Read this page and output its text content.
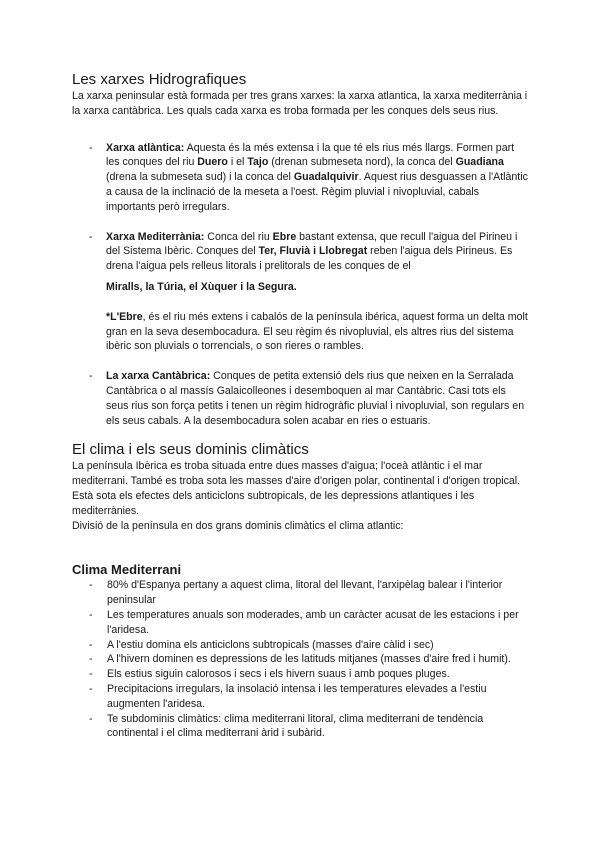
Les xarxes Hidrografiques

La xarxa peninsular està formada per tres grans xarxes: la xarxa atlantica, la xarxa mediterrània i la xarxa cantàbrica. Les quals cada xarxa es troba formada per les conques dels seus rius.

- Xarxa atlàntica: Aquesta és la més extensa i la que té els rius més llargs. Formen part les conques del riu Duero i el Tajo (drenan submeseta nord), la conca del Guadiana (drena la submeseta sud) i la conca del Guadalquivir. Aquest rius desguassen a l'Atlàntic a causa de la inclinació de la meseta a l'oest. Règim pluvial i nivopluvial, cabals importants però irregulars.
- Xarxa Mediterrània: Conca del riu Ebre bastant extensa, que recull l'aigua del Pirineu i del Sistema Ibèric. Conques del Ter, Fluvià i Llobregat reben l'aigua dels Pirineus. Es drena l'aigua pels relleus litorals i prelitorals de les conques de el
Miralls, la Túria, el Xùquer i la Segura.
*L'Ebre, és el riu més extens i cabalós de la península ibérica, aquest forma un delta molt gran en la seva desembocadura. El seu règim és nivopluvial, els altres rius del sistema ibèric son pluvials o torrencials, o son rieres o rambles.
- La xarxa Cantàbrica: Conques de petita extensió dels rius que neixen en la Serralada Cantàbrica o al massís Galaicolleones i desemboquen al mar Cantàbric. Casi tots els seus rius son força petits i tenen un règim hidrogràfic pluvial i nivopluvial, son regulars en els seus cabals. A la desembocadura solen acabar en ries o estuaris.
El clima i els seus dominis climàtics

La península Ibèrica es troba situada entre dues masses d'aigua; l'oceà atlàntic i el mar mediterrani. També es troba sota les masses d'aire d'origen polar, continental i d'origen tropical. Està sota els efectes dels anticiclons subtropicals, de les depressions atlantiques i les mediterrànies.

Divisió de la península en dos grans dominis climàtics el clima atlantic:

Clima Mediterrani
- 80% d'Espanya pertany a aquest clima, litoral del llevant, l'arxipèlag balear i l'interior peninsular
- Les temperatures anuals son moderades, amb un caràcter acusat de les estacions i per l'aridesa.
- A l'estiu domina els anticiclons subtropicals (masses d'aire càlid i sec)
- A l'hivern dominen es depressions de les latituds mitjanes (masses d'aire fred i humit).
- Els estius siguin calorosos i secs i els hivern suaus i amb poques pluges.
- Precipitacions irregulars, la insolació intensa i les temperatures elevades a l'estiu augmenten l'aridesa.
- Te subdominis climàtics: clima mediterrani litoral, clima mediterrani de tendència continental i el clima mediterrani àrid i subàrid.
